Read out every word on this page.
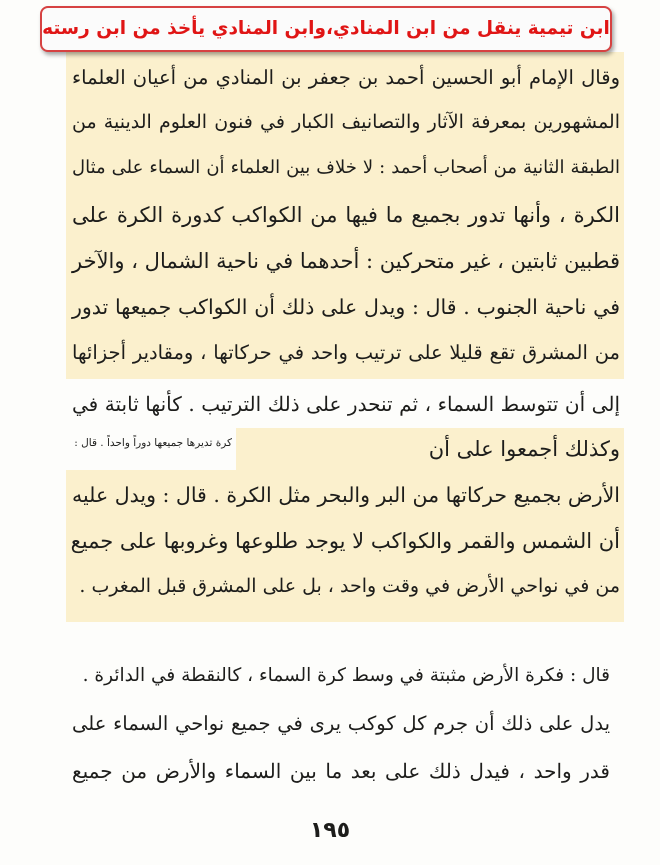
ابن تيمية ينقل من ابن المنادي،وابن المنادي يأخذ من ابن رسته
وقال الإمام أبو الحسين أحمد بن جعفر بن المنادي من أعيان العلماء
المشهورين بمعرفة الآثار والتصانيف الكبار في فنون العلوم الدينية من
الطبقة الثانية من أصحاب أحمد : لا خلاف بين العلماء أن السماء على مثال
الكرة ، وأنها تدور بجميع ما فيها من الكواكب كدورة الكرة على
قطبين ثابتين ، غير متحركين : أحدهما في ناحية الشمال ، والآخر
في ناحية الجنوب . قال : ويدل على ذلك أن الكواكب جميعها تدور
من المشرق تقع قليلا على ترتيب واحد في حركاتها ، ومقادير أجزائها
إلى أن تتوسط السماء ، ثم تنحدر على ذلك الترتيب . كأنها ثابتة في
كرة تديرها جميعها دوراً واحداً . قال :	وكذلك أجمعوا على أن
الأرض بجميع حركاتها من البر والبحر مثل الكرة . قال : ويدل عليه
أن الشمس والقمر والكواكب لا يوجد طلوعها وغروبها على جميع
من في نواحي الأرض في وقت واحد ، بل على المشرق قبل المغرب .
قال : فكرة الأرض مثبتة في وسط كرة السماء ، كالنقطة في الدائرة .
يدل على ذلك أن جرم كل كوكب يرى في جميع نواحي السماء على
قدر واحد ، فيدل ذلك على بعد ما بين السماء والأرض من جميع
١٩٥
